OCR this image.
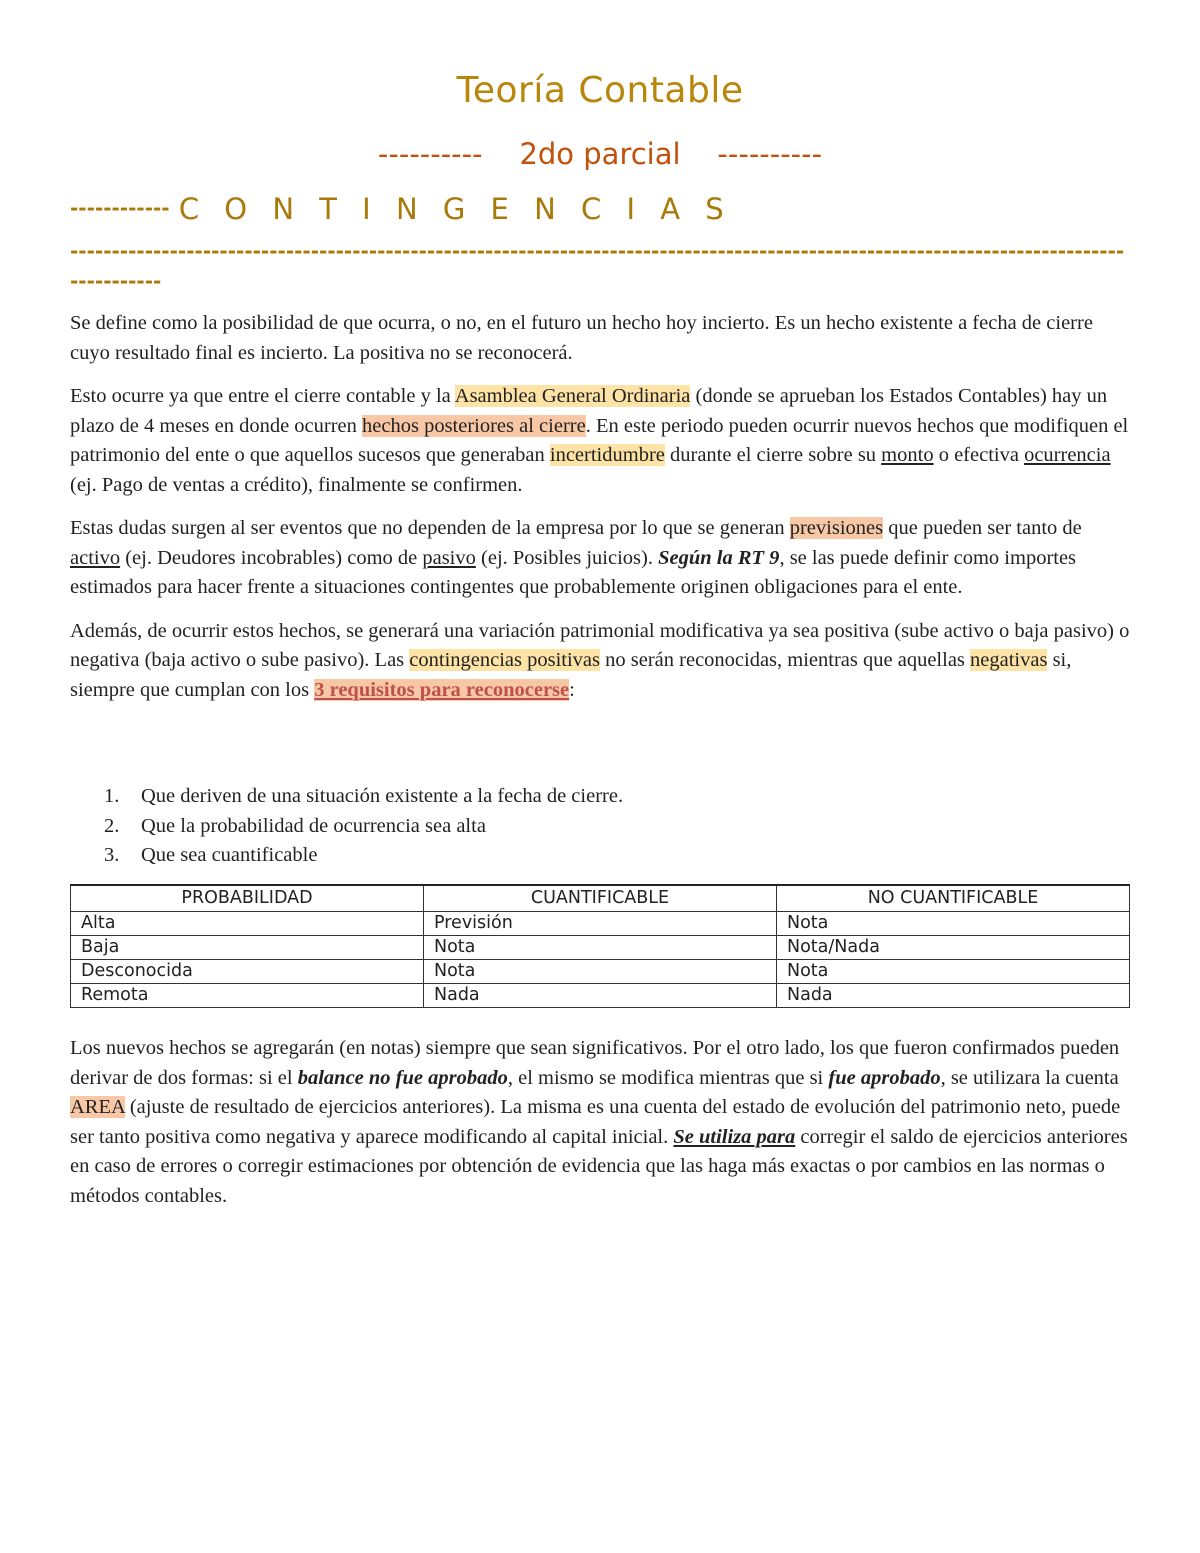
Teoría Contable
----------    2do parcial    ----------
------------ C O N T I N G E N C I A S
------------------------------------------------------------------------------------------------------------------------------------------

Se define como la posibilidad de que ocurra, o no, en el futuro un hecho hoy incierto. Es un hecho existente a fecha de cierre cuyo resultado final es incierto. La positiva no se reconocerá.

Esto ocurre ya que entre el cierre contable y la Asamblea General Ordinaria (donde se aprueban los Estados Contables) hay un plazo de 4 meses en donde ocurren hechos posteriores al cierre. En este periodo pueden ocurrir nuevos hechos que modifiquen el patrimonio del ente o que aquellos sucesos que generaban incertidumbre durante el cierre sobre su monto o efectiva ocurrencia (ej. Pago de ventas a crédito), finalmente se confirmen.

Estas dudas surgen al ser eventos que no dependen de la empresa por lo que se generan previsiones que pueden ser tanto de activo (ej. Deudores incobrables) como de pasivo (ej. Posibles juicios). Según la RT 9, se las puede definir como importes estimados para hacer frente a situaciones contingentes que probablemente originen obligaciones para el ente.

Además, de ocurrir estos hechos, se generará una variación patrimonial modificativa ya sea positiva (sube activo o baja pasivo) o negativa (baja activo o sube pasivo). Las contingencias positivas no serán reconocidas, mientras que aquellas negativas si, siempre que cumplan con los 3 requisitos para reconocerse:

1. Que deriven de una situación existente a la fecha de cierre.
2. Que la probabilidad de ocurrencia sea alta
3. Que sea cuantificable
PROBABILIDAD	CUANTIFICABLE	NO CUANTIFICABLE
Alta	Previsión	Nota
Baja	Nota	Nota/Nada
Desconocida	Nota	Nota
Remota	Nada	Nada

Los nuevos hechos se agregarán (en notas) siempre que sean significativos. Por el otro lado, los que fueron confirmados pueden derivar de dos formas: si el balance no fue aprobado, el mismo se modifica mientras que si fue aprobado, se utilizara la cuenta AREA (ajuste de resultado de ejercicios anteriores). La misma es una cuenta del estado de evolución del patrimonio neto, puede ser tanto positiva como negativa y aparece modificando al capital inicial. Se utiliza para corregir el saldo de ejercicios anteriores en caso de errores o corregir estimaciones por obtención de evidencia que las haga más exactas o por cambios en las normas o métodos contables.
